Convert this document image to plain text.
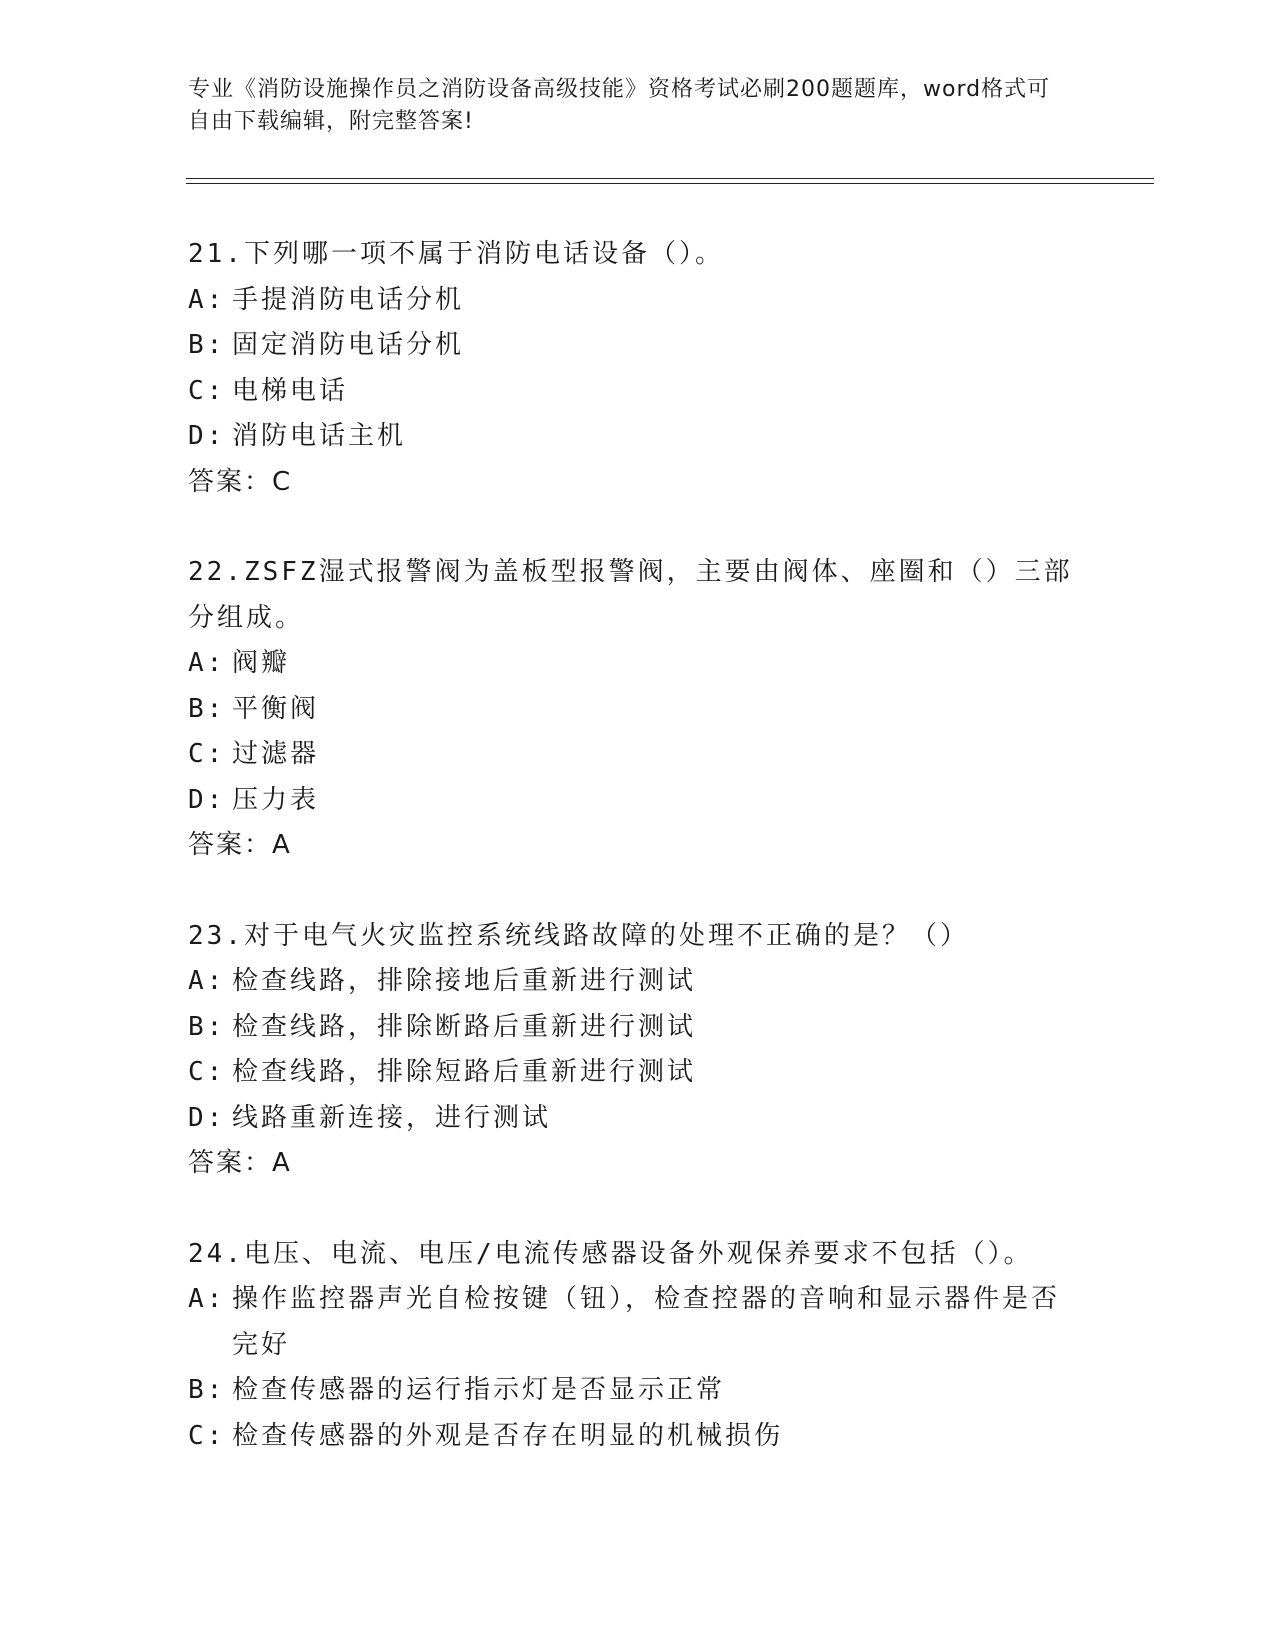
专业《消防设施操作员之消防设备高级技能》资格考试必刷200题题库，word格式可自由下载编辑，附完整答案!
21.下列哪一项不属于消防电话设备（）。
A: 手提消防电话分机
B: 固定消防电话分机
C: 电梯电话
D: 消防电话主机
答案：C
22.ZSFZ湿式报警阀为盖板型报警阀，主要由阀体、座圈和（）三部分组成。
A: 阀瓣
B: 平衡阀
C: 过滤器
D: 压力表
答案：A
23.对于电气火灾监控系统线路故障的处理不正确的是？（）
A: 检查线路，排除接地后重新进行测试
B: 检查线路，排除断路后重新进行测试
C: 检查线路，排除短路后重新进行测试
D: 线路重新连接，进行测试
答案：A
24.电压、电流、电压/电流传感器设备外观保养要求不包括（）。
A: 操作监控器声光自检按键（钮），检查控器的音响和显示器件是否完好
B: 检查传感器的运行指示灯是否显示正常
C: 检查传感器的外观是否存在明显的机械损伤
